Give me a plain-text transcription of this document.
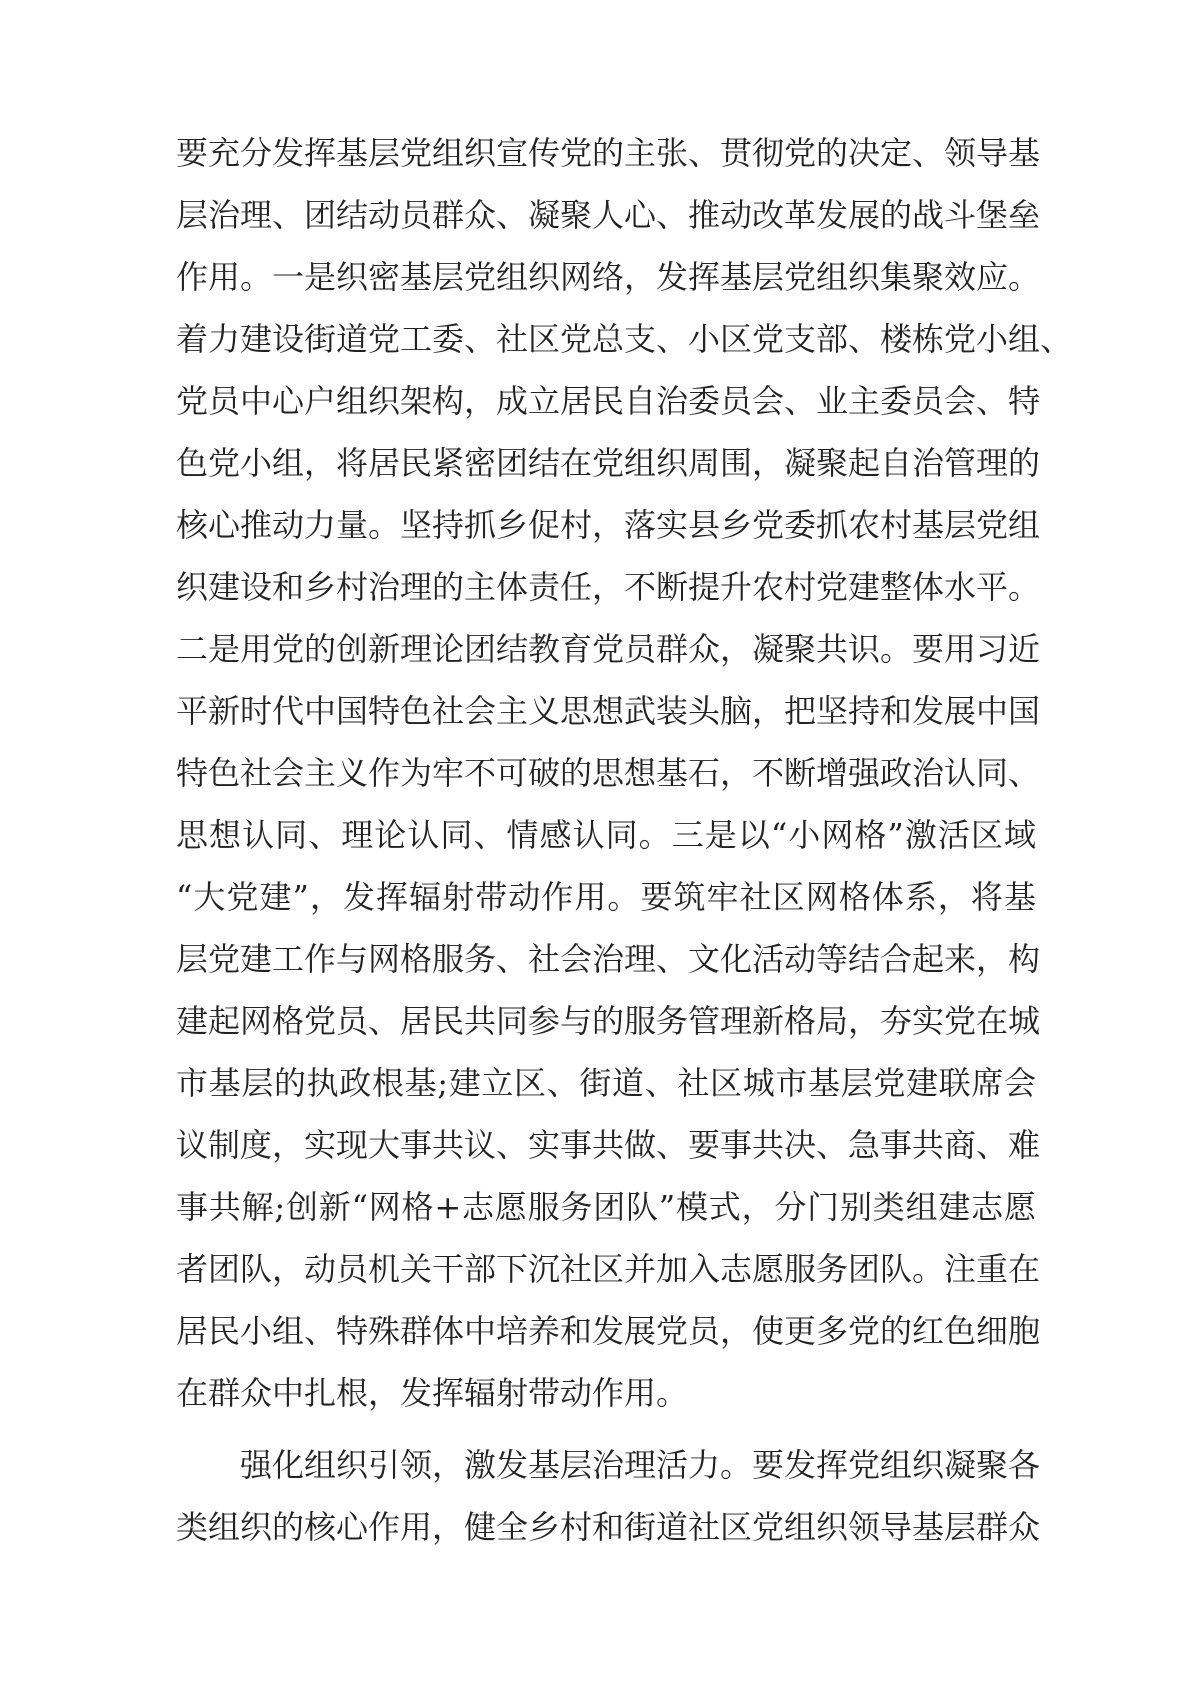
要充分发挥基层党组织宣传党的主张、贯彻党的决定、领导基
层治理、团结动员群众、凝聚人心、推动改革发展的战斗堡垒
作用。一是织密基层党组织网络，发挥基层党组织集聚效应。
着力建设街道党工委、社区党总支、小区党支部、楼栋党小组、
党员中心户组织架构，成立居民自治委员会、业主委员会、特
色党小组，将居民紧密团结在党组织周围，凝聚起自治管理的
核心推动力量。坚持抓乡促村，落实县乡党委抓农村基层党组
织建设和乡村治理的主体责任，不断提升农村党建整体水平。
二是用党的创新理论团结教育党员群众，凝聚共识。要用习近
平新时代中国特色社会主义思想武装头脑，把坚持和发展中国
特色社会主义作为牢不可破的思想基石，不断增强政治认同、
思想认同、理论认同、情感认同。三是以“小网格”激活区域
“大党建”，发挥辐射带动作用。要筑牢社区网格体系，将基
层党建工作与网格服务、社会治理、文化活动等结合起来，构
建起网格党员、居民共同参与的服务管理新格局，夯实党在城
市基层的执政根基;建立区、街道、社区城市基层党建联席会
议制度，实现大事共议、实事共做、要事共决、急事共商、难
事共解;创新“网格+志愿服务团队”模式，分门别类组建志愿
者团队，动员机关干部下沉社区并加入志愿服务团队。注重在
居民小组、特殊群体中培养和发展党员，使更多党的红色细胞
在群众中扎根，发挥辐射带动作用。
强化组织引领，激发基层治理活力。要发挥党组织凝聚各
类组织的核心作用，健全乡村和街道社区党组织领导基层群众
